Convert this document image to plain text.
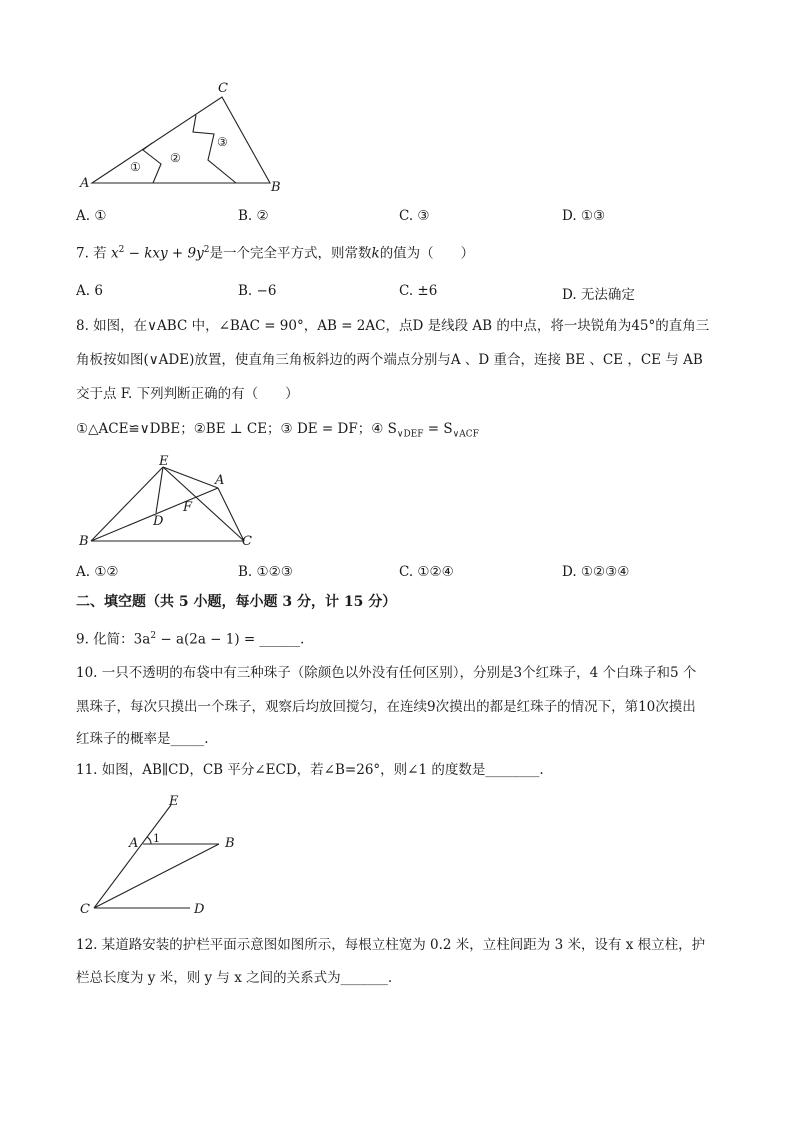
C
A	B
①
②
③
A. ①	B. ②	C. ③	D. ①③
7. 若 $x^2$ − kxy + $9y^2$是一个完全平方式，则常数k的值为（　　）
A. 6	B. −6	C. ±6	D. 无法确定
8. 如图，在∨ABC 中，∠BAC = 90°，AB = 2AC，点D 是线段 AB 的中点，将一块锐角为45°的直角三
角板按如图(∨ADE)放置，使直角三角板斜边的两个端点分别与A 、D 重合，连接 BE 、CE ，CE 与 AB
交于点 F. 下列判断正确的有（　　）
①△ACE≌∨DBE；②BE ⊥ CE；③ DE = DF；④ $S_{\vee DEF} = S_{\vee ACF}$
E
A
F
D
B	C
A. ①②	B. ①②③	C. ①②④	D. ①②③④
二、填空题（共 5 小题，每小题 3 分，计 15 分）
9. 化简：$3a^2 - a(2a - 1)$ = ______.
10. 一只不透明的布袋中有三种珠子（除颜色以外没有任何区别），分别是3个红珠子，4 个白珠子和5 个
黑珠子，每次只摸出一个珠子，观察后均放回搅匀，在连续9次摸出的都是红珠子的情况下，第10次摸出
红珠子的概率是_____.
11. 如图，AB∥CD，CB 平分∠ECD，若∠B=26°，则∠1 的度数是________.
E
A 1	B
C	D
12. 某道路安装的护栏平面示意图如图所示，每根立柱宽为 0.2 米，立柱间距为 3 米，设有 x 根立柱，护
栏总长度为 y 米，则 y 与 x 之间的关系式为_______.
